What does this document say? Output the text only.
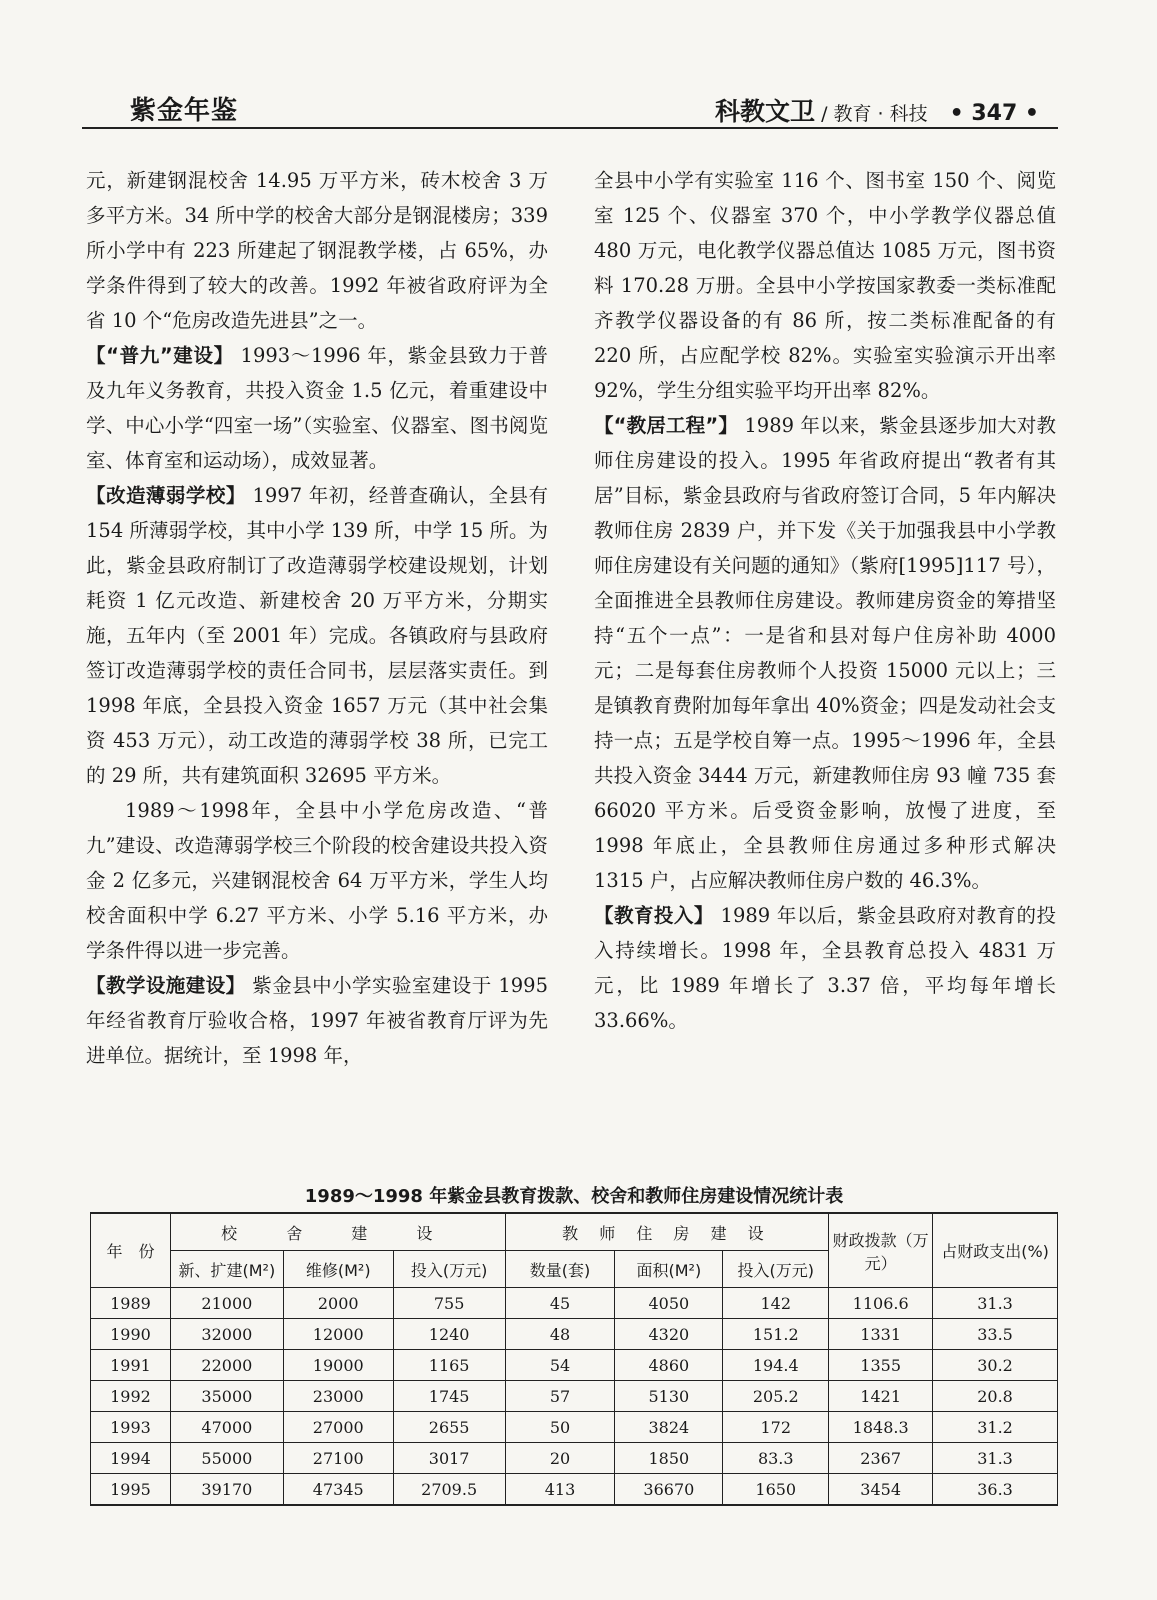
紫金年鉴	科教文卫 / 教育 · 科技 • 347 •

元，新建钢混校舍 14.95 万平方米，砖木校舍 3 万多平方米。34 所中学的校舍大部分是钢混楼房；339 所小学中有 223 所建起了钢混教学楼，占 65%，办学条件得到了较大的改善。1992 年被省政府评为全省 10 个“危房改造先进县”之一。

【“普九”建设】 1993～1996 年，紫金县致力于普及九年义务教育，共投入资金 1.5 亿元，着重建设中学、中心小学“四室一场”（实验室、仪器室、图书阅览室、体育室和运动场），成效显著。

【改造薄弱学校】 1997 年初，经普查确认，全县有 154 所薄弱学校，其中小学 139 所，中学 15 所。为此，紫金县政府制订了改造薄弱学校建设规划，计划耗资 1 亿元改造、新建校舍 20 万平方米，分期实施，五年内（至 2001 年）完成。各镇政府与县政府签订改造薄弱学校的责任合同书，层层落实责任。到 1998 年底，全县投入资金 1657 万元（其中社会集资 453 万元），动工改造的薄弱学校 38 所，已完工的 29 所，共有建筑面积 32695 平方米。

1989～1998年，全县中小学危房改造、“普九”建设、改造薄弱学校三个阶段的校舍建设共投入资金 2 亿多元，兴建钢混校舍 64 万平方米，学生人均校舍面积中学 6.27 平方米、小学 5.16 平方米，办学条件得以进一步完善。

【教学设施建设】 紫金县中小学实验室建设于 1995 年经省教育厅验收合格，1997 年被省教育厅评为先进单位。据统计，至 1998 年，

全县中小学有实验室 116 个、图书室 150 个、阅览室 125 个、仪器室 370 个，中小学教学仪器总值 480 万元，电化教学仪器总值达 1085 万元，图书资料 170.28 万册。全县中小学按国家教委一类标准配齐教学仪器设备的有 86 所，按二类标准配备的有 220 所，占应配学校 82%。实验室实验演示开出率 92%，学生分组实验平均开出率 82%。

【“教居工程”】 1989 年以来，紫金县逐步加大对教师住房建设的投入。1995 年省政府提出“教者有其居”目标，紫金县政府与省政府签订合同，5 年内解决教师住房 2839 户，并下发《关于加强我县中小学教师住房建设有关问题的通知》（紫府[1995]117 号），全面推进全县教师住房建设。教师建房资金的筹措坚持“五个一点”：一是省和县对每户住房补助 4000 元；二是每套住房教师个人投资 15000 元以上；三是镇教育费附加每年拿出 40%资金；四是发动社会支持一点；五是学校自筹一点。1995～1996 年，全县共投入资金 3444 万元，新建教师住房 93 幢 735 套 66020 平方米。后受资金影响，放慢了进度，至 1998 年底止，全县教师住房通过多种形式解决 1315 户，占应解决教师住房户数的 46.3%。

【教育投入】 1989 年以后，紫金县政府对教育的投入持续增长。1998 年，全县教育总投入 4831 万元，比 1989 年增长了 3.37 倍，平均每年增长 33.66%。

1989～1998 年紫金县教育拨款、校舍和教师住房建设情况统计表
年　份	校 舍 建 设			教 师 住 房 建 设			财政拨款（万元）	占财政支出(%)
	新、扩建(M²)	维修(M²)	投入(万元)	数量(套)	面积(M²)	投入(万元)		
1989	21000	2000	755	45	4050	142	1106.6	31.3
1990	32000	12000	1240	48	4320	151.2	1331	33.5
1991	22000	19000	1165	54	4860	194.4	1355	30.2
1992	35000	23000	1745	57	5130	205.2	1421	20.8
1993	47000	27000	2655	50	3824	172	1848.3	31.2
1994	55000	27100	3017	20	1850	83.3	2367	31.3
1995	39170	47345	2709.5	413	36670	1650	3454	36.3
